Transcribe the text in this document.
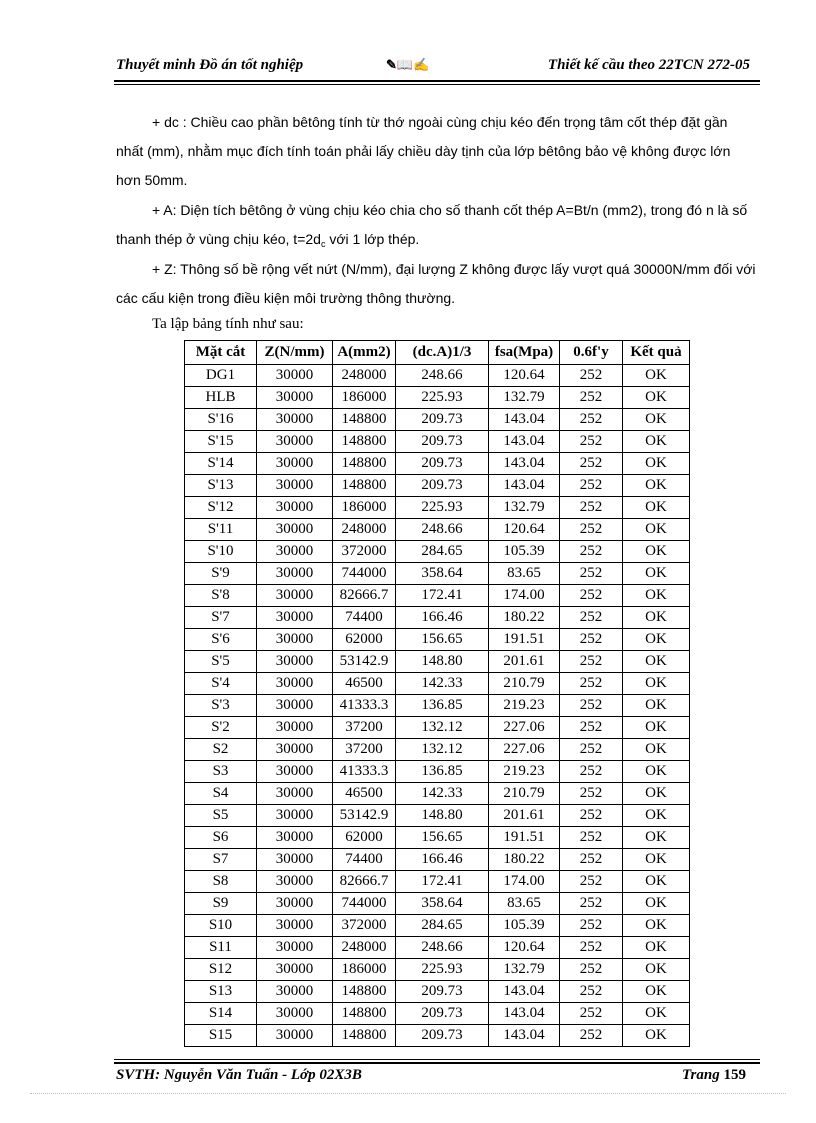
Thuyết minh Đồ án tốt nghiệp	✎📖✍	Thiết kế cầu theo 22TCN 272-05

+ dc : Chiều cao phần bêtông tính từ thớ ngoài cùng chịu kéo đến trọng tâm cốt thép đặt gần nhất (mm), nhằm mục đích tính toán phải lấy chiều dày tịnh của lớp bêtông bảo vệ không được lớn hơn 50mm.

+ A: Diện tích bêtông ở vùng chịu kéo chia cho số thanh cốt thép A=Bt/n (mm2), trong đó n là số thanh thép ở vùng chịu kéo, $t=2d_c$ với 1 lớp thép.

+ Z: Thông số bề rộng vết nứt (N/mm), đại lượng Z không được lấy vượt quá 30000N/mm đối với các cấu kiện trong điều kiện môi trường thông thường.

Ta lập bảng tính như sau:
Mặt cắt	Z(N/mm)	A(mm2)	(dc.A)1/3	fsa(Mpa)	0.6f'y	Kết quả
DG1	30000	248000	248.66	120.64	252	OK
HLB	30000	186000	225.93	132.79	252	OK
S'16	30000	148800	209.73	143.04	252	OK
S'15	30000	148800	209.73	143.04	252	OK
S'14	30000	148800	209.73	143.04	252	OK
S'13	30000	148800	209.73	143.04	252	OK
S'12	30000	186000	225.93	132.79	252	OK
S'11	30000	248000	248.66	120.64	252	OK
S'10	30000	372000	284.65	105.39	252	OK
S'9	30000	744000	358.64	83.65	252	OK
S'8	30000	82666.7	172.41	174.00	252	OK
S'7	30000	74400	166.46	180.22	252	OK
S'6	30000	62000	156.65	191.51	252	OK
S'5	30000	53142.9	148.80	201.61	252	OK
S'4	30000	46500	142.33	210.79	252	OK
S'3	30000	41333.3	136.85	219.23	252	OK
S'2	30000	37200	132.12	227.06	252	OK
S2	30000	37200	132.12	227.06	252	OK
S3	30000	41333.3	136.85	219.23	252	OK
S4	30000	46500	142.33	210.79	252	OK
S5	30000	53142.9	148.80	201.61	252	OK
S6	30000	62000	156.65	191.51	252	OK
S7	30000	74400	166.46	180.22	252	OK
S8	30000	82666.7	172.41	174.00	252	OK
S9	30000	744000	358.64	83.65	252	OK
S10	30000	372000	284.65	105.39	252	OK
S11	30000	248000	248.66	120.64	252	OK
S12	30000	186000	225.93	132.79	252	OK
S13	30000	148800	209.73	143.04	252	OK
S14	30000	148800	209.73	143.04	252	OK
S15	30000	148800	209.73	143.04	252	OK
SVTH: Nguyễn Văn Tuấn - Lớp 02X3B	Trang 159
